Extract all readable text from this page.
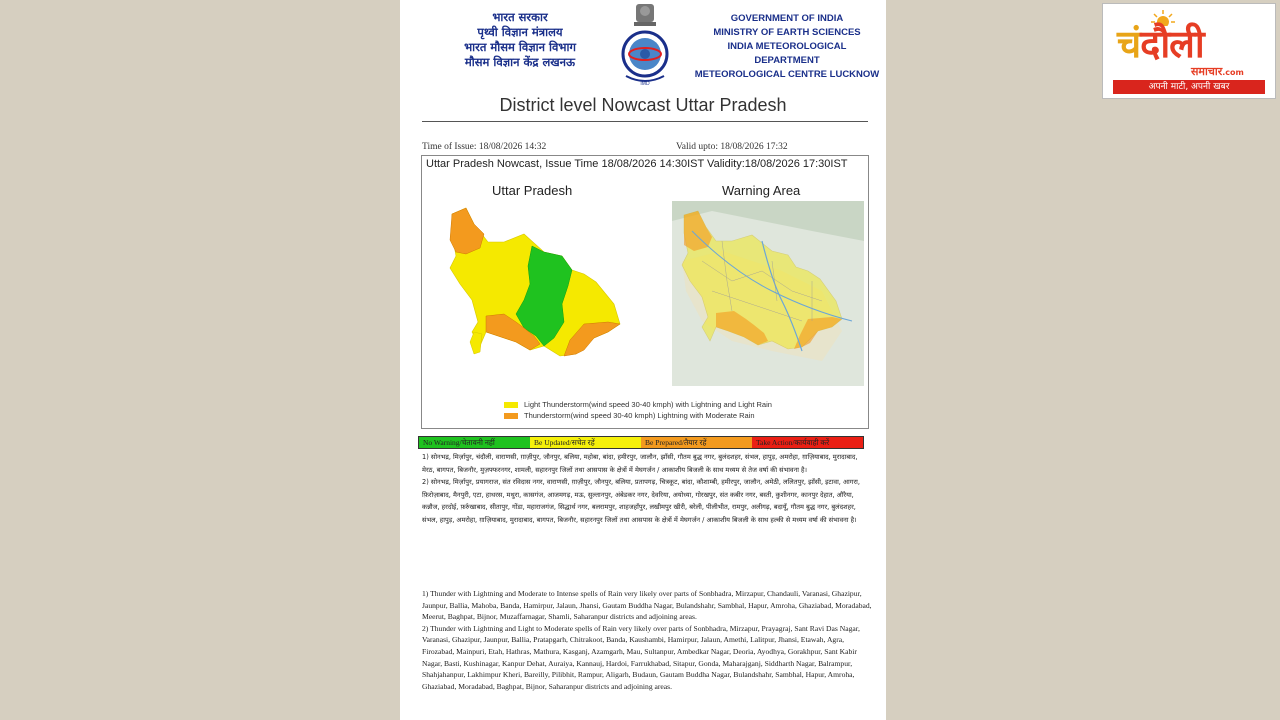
भारत सरकार
पृथ्वी विज्ञान मंत्रालय
भारत मौसम विज्ञान विभाग
मौसम विज्ञान केंद्र लखनऊ
IMD
GOVERNMENT OF INDIA
MINISTRY OF EARTH SCIENCES
INDIA METEOROLOGICAL DEPARTMENT
METEOROLOGICAL CENTRE LUCKNOW
District level Nowcast Uttar Pradesh
Time of Issue: 18/08/2026 14:32	Valid upto: 18/08/2026 17:32
Uttar Pradesh Nowcast, Issue Time 18/08/2026 14:30IST Validity:18/08/2026 17:30IST
Uttar Pradesh	Warning Area
Light Thunderstorm(wind speed 30-40 kmph) with Lightning and Light Rain
Thunderstorm(wind speed 30-40 kmph) Lightning with Moderate Rain
No Warning/चेतावनी नहीं	Be Updated/सचेत रहें	Be Prepared/तैयार रहें	Take Action/कार्यवाही करें

1) सोनभद्र, मिर्ज़ापुर, चंदौली, वाराणसी, ग़ाज़ीपुर, जौनपुर, बलिया, महोबा, बांदा, हमीरपुर, जालौन, झाँसी, गौतम बुद्ध नगर, बुलंदशहर, संभल, हापुड़, अमरोहा, ग़ाज़ियाबाद, मुरादाबाद, मेरठ, बागपत, बिजनौर, मुज़फ्फरनगर, शामली, सहारनपुर जिलों तथा आसपास के क्षेत्रों में मेघगर्जन / आकाशीय बिजली के साथ मध्यम से तेज वर्षा की संभावना है।

2) सोनभद्र, मिर्ज़ापुर, प्रयागराज, संत रविदास नगर, वाराणसी, ग़ाज़ीपुर, जौनपुर, बलिया, प्रतापगढ़, चित्रकूट, बांदा, कौशाम्बी, हमीरपुर, जालौन, अमेठी, ललितपुर, झाँसी, इटावा, आगरा, फ़िरोज़ाबाद, मैनपुरी, एटा, हाथरस, मथुरा, कासगंज, आजमगढ़, मऊ, सुल्तानपुर, अंबेडकर नगर, देवरिया, अयोध्या, गोरखपुर, संत कबीर नगर, बस्ती, कुशीनगर, कानपुर देहात, औरैया, कन्नौज, हरदोई, फ़र्रुखाबाद, सीतापुर, गोंडा, महाराजगंज, सिद्धार्थ नगर, बलरामपुर, शाहजहाँपुर, लखीमपुर खीरी, बरेली, पीलीभीत, रामपुर, अलीगढ़, बदायूँ, गौतम बुद्ध नगर, बुलंदशहर, संभल, हापुड़, अमरोहा, ग़ाज़ियाबाद, मुरादाबाद, बागपत, बिजनौर, सहारनपुर जिलों तथा आसपास के क्षेत्रों में मेघगर्जन / आकाशीय बिजली के साथ हल्की से मध्यम वर्षा की संभावना है।

1) Thunder with Lightning and Moderate to Intense spells of Rain very likely over parts of Sonbhadra, Mirzapur, Chandauli, Varanasi, Ghazipur, Jaunpur, Ballia, Mahoba, Banda, Hamirpur, Jalaun, Jhansi, Gautam Buddha Nagar, Bulandshahr, Sambhal, Hapur, Amroha, Ghaziabad, Moradabad, Meerut, Baghpat, Bijnor, Muzaffarnagar, Shamli, Saharanpur districts and adjoining areas.

2) Thunder with Lightning and Light to Moderate spells of Rain very likely over parts of Sonbhadra, Mirzapur, Prayagraj, Sant Ravi Das Nagar, Varanasi, Ghazipur, Jaunpur, Ballia, Pratapgarh, Chitrakoot, Banda, Kaushambi, Hamirpur, Jalaun, Amethi, Lalitpur, Jhansi, Etawah, Agra, Firozabad, Mainpuri, Etah, Hathras, Mathura, Kasganj, Azamgarh, Mau, Sultanpur, Ambedkar Nagar, Deoria, Ayodhya, Gorakhpur, Sant Kabir Nagar, Basti, Kushinagar, Kanpur Dehat, Auraiya, Kannauj, Hardoi, Farrukhabad, Sitapur, Gonda, Maharajganj, Siddharth Nagar, Balrampur, Shahjahanpur, Lakhimpur Kheri, Bareilly, Pilibhit, Rampur, Aligarh, Budaun, Gautam Buddha Nagar, Bulandshahr, Sambhal, Hapur, Amroha, Ghaziabad, Moradabad, Baghpat, Bijnor, Saharanpur districts and adjoining areas.

चंदौली
समाचार.com
अपनी माटी, अपनी खबर
